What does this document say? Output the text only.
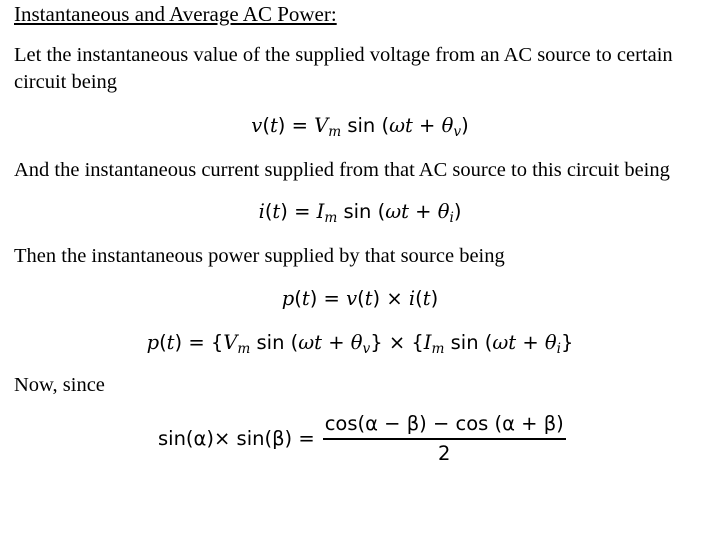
Instantaneous and Average AC Power:
Let the instantaneous value of the supplied voltage from an AC source to certain
circuit being
$v(t) = V_m$ $\sin (\omega t + \theta_v)$
And the instantaneous current supplied from that AC source to this circuit being
$i(t) = I_m$ $\sin (\omega t + \theta_i)$
Then the instantaneous power supplied by that source being
p(t) = v(t) × i(t)
$p(t) = \{V_m$ $\sin (\omega t + \theta_v\} \times \{I_m$ $\sin (\omega t + \theta_i\}$
Now, since
$\sin(\alpha)\times \sin(\beta) = \frac{\cos(\alpha - \beta) - \cos (\alpha + \beta)}{2}$
